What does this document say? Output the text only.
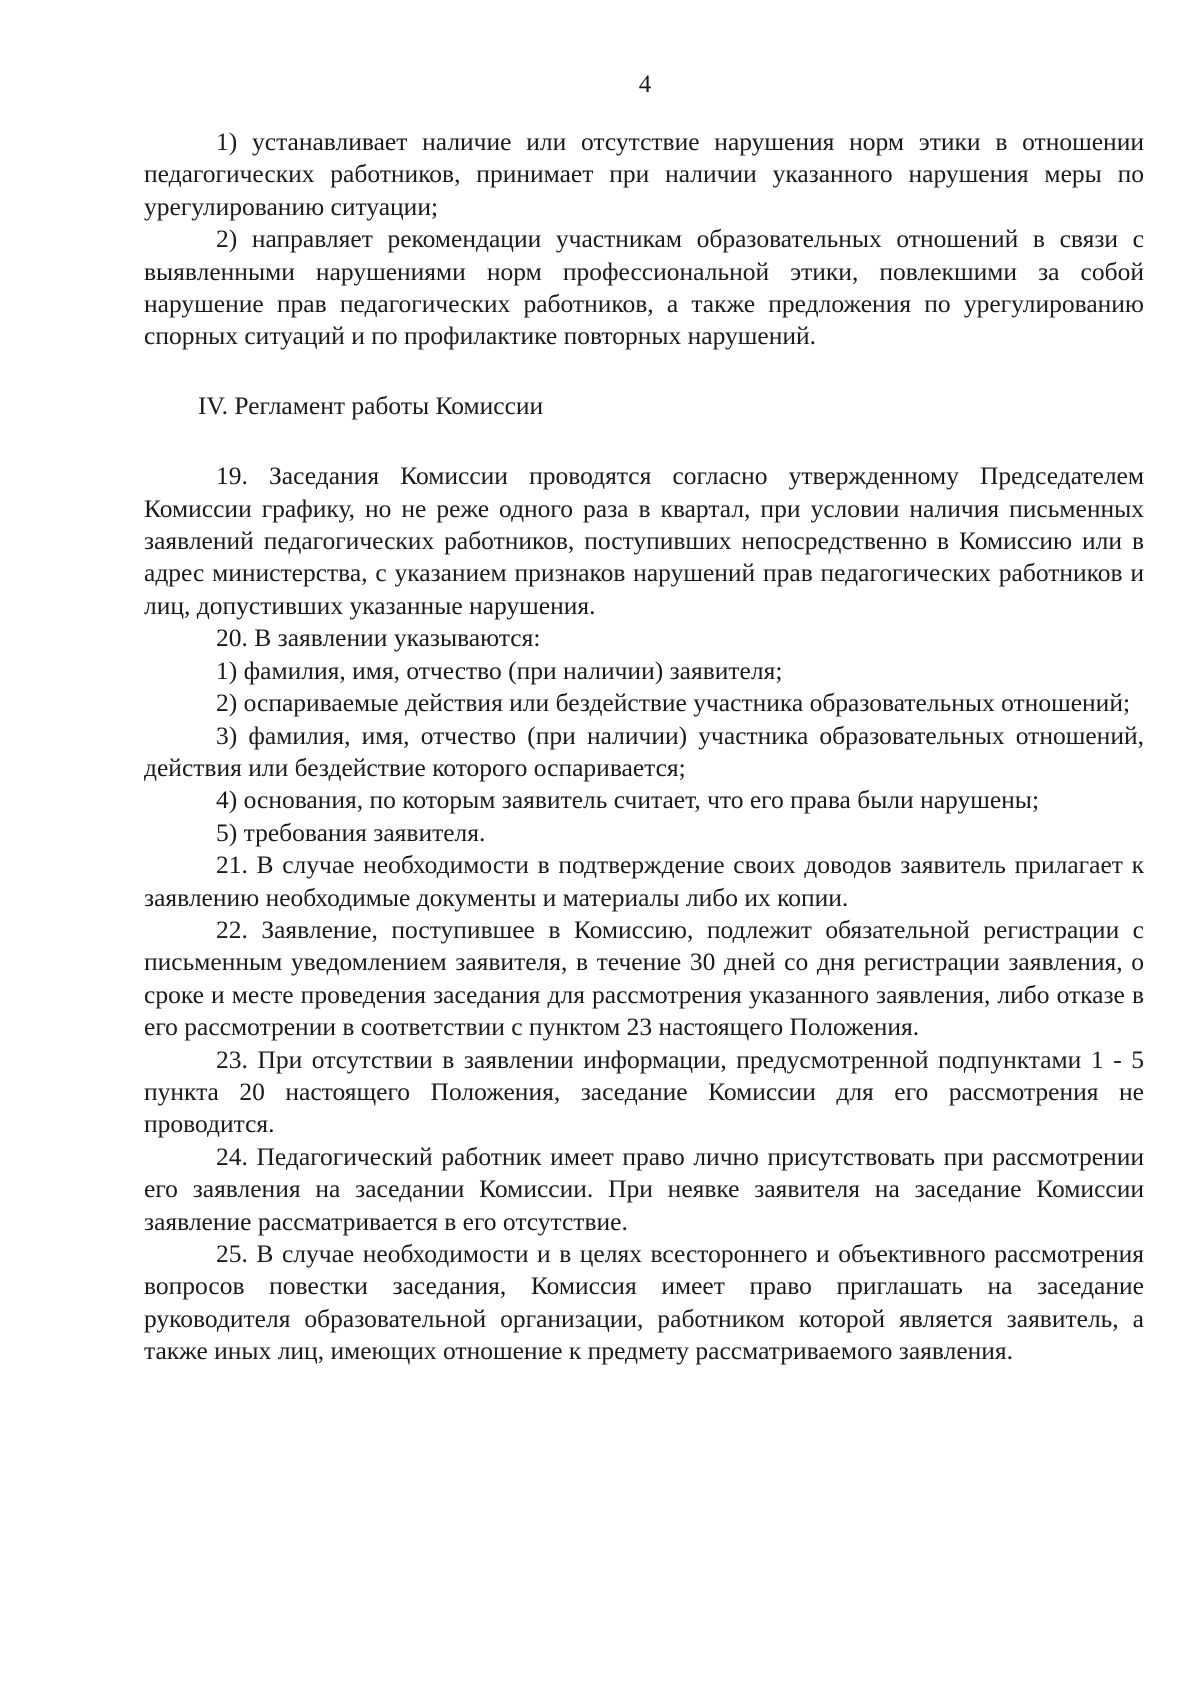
4

1) устанавливает наличие или отсутствие нарушения норм этики в отношении педагогических работников, принимает при наличии указанного нарушения меры по урегулированию ситуации;

2) направляет рекомендации участникам образовательных отношений в связи с выявленными нарушениями норм профессиональной этики, повлекшими за собой нарушение прав педагогических работников, а также предложения по урегулированию спорных ситуаций и по профилактике повторных нарушений.

IV. Регламент работы Комиссии

19. Заседания Комиссии проводятся согласно утвержденному Председателем Комиссии графику, но не реже одного раза в квартал, при условии наличия письменных заявлений педагогических работников, поступивших непосредственно в Комиссию или в адрес министерства, с указанием признаков нарушений прав педагогических работников и лиц, допустивших указанные нарушения.

20. В заявлении указываются:

1) фамилия, имя, отчество (при наличии) заявителя;

2) оспариваемые действия или бездействие участника образовательных отношений;

3) фамилия, имя, отчество (при наличии) участника образовательных отношений, действия или бездействие которого оспаривается;

4) основания, по которым заявитель считает, что его права были нарушены;

5) требования заявителя.

21. В случае необходимости в подтверждение своих доводов заявитель прилагает к заявлению необходимые документы и материалы либо их копии.

22. Заявление, поступившее в Комиссию, подлежит обязательной регистрации с письменным уведомлением заявителя, в течение 30 дней со дня регистрации заявления, о сроке и месте проведения заседания для рассмотрения указанного заявления, либо отказе в его рассмотрении в соответствии с пунктом 23 настоящего Положения.

23. При отсутствии в заявлении информации, предусмотренной подпунктами 1 - 5 пункта 20 настоящего Положения, заседание Комиссии для его рассмотрения не проводится.

24. Педагогический работник имеет право лично присутствовать при рассмотрении его заявления на заседании Комиссии. При неявке заявителя на заседание Комиссии заявление рассматривается в его отсутствие.

25. В случае необходимости и в целях всестороннего и объективного рассмотрения вопросов повестки заседания, Комиссия имеет право приглашать на заседание руководителя образовательной организации, работником которой является заявитель, а также иных лиц, имеющих отношение к предмету рассматриваемого заявления.
